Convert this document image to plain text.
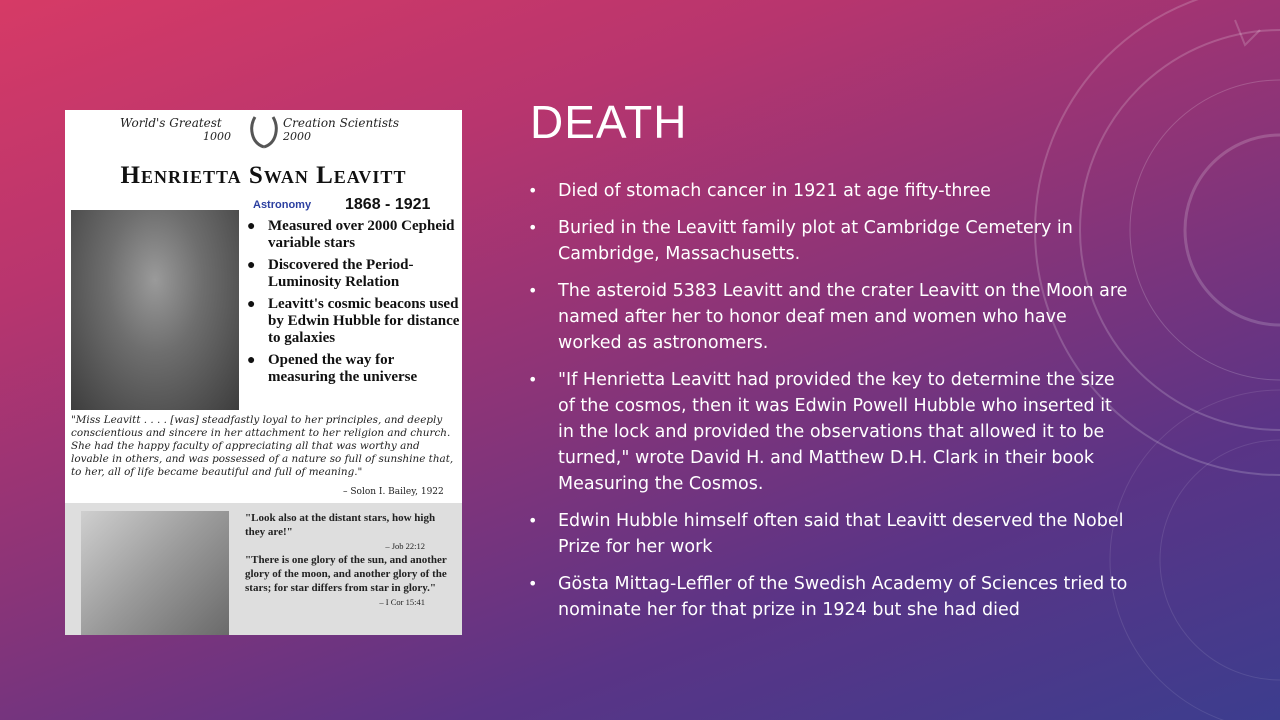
DEATH
• Died of stomach cancer in 1921 at age fifty-three
• Buried in the Leavitt family plot at Cambridge Cemetery in Cambridge, Massachusetts.
• The asteroid 5383 Leavitt and the crater Leavitt on the Moon are named after her to honor deaf men and women who have worked as astronomers.
• "If Henrietta Leavitt had provided the key to determine the size of the cosmos, then it was Edwin Powell Hubble who inserted it in the lock and provided the observations that allowed it to be turned," wrote David H. and Matthew D.H. Clark in their book Measuring the Cosmos.
• Edwin Hubble himself often said that Leavitt deserved the Nobel Prize for her work
• Gösta Mittag-Leffler of the Swedish Academy of Sciences tried to nominate her for that prize in 1924 but she had died
World's Greatest	Creation Scientists
1000	2000
Henrietta Swan Leavitt
Astronomy 1868 - 1921
● Measured over 2000 Cepheid variable stars
● Discovered the Period-Luminosity Relation
● Leavitt's cosmic beacons used by Edwin Hubble for distance to galaxies
● Opened the way for measuring the universe
"Miss Leavitt . . . . [was] steadfastly loyal to her principles, and deeply conscientious and sincere in her attachment to her religion and church. She had the happy faculty of appreciating all that was worthy and lovable in others, and was possessed of a nature so full of sunshine that, to her, all of life became beautiful and full of meaning."
– Solon I. Bailey, 1922
"Look also at the distant stars, how high they are!"
– Job 22:12
"There is one glory of the sun, and another glory of the moon, and another glory of the stars; for star differs from star in glory."
– I Cor 15:41
